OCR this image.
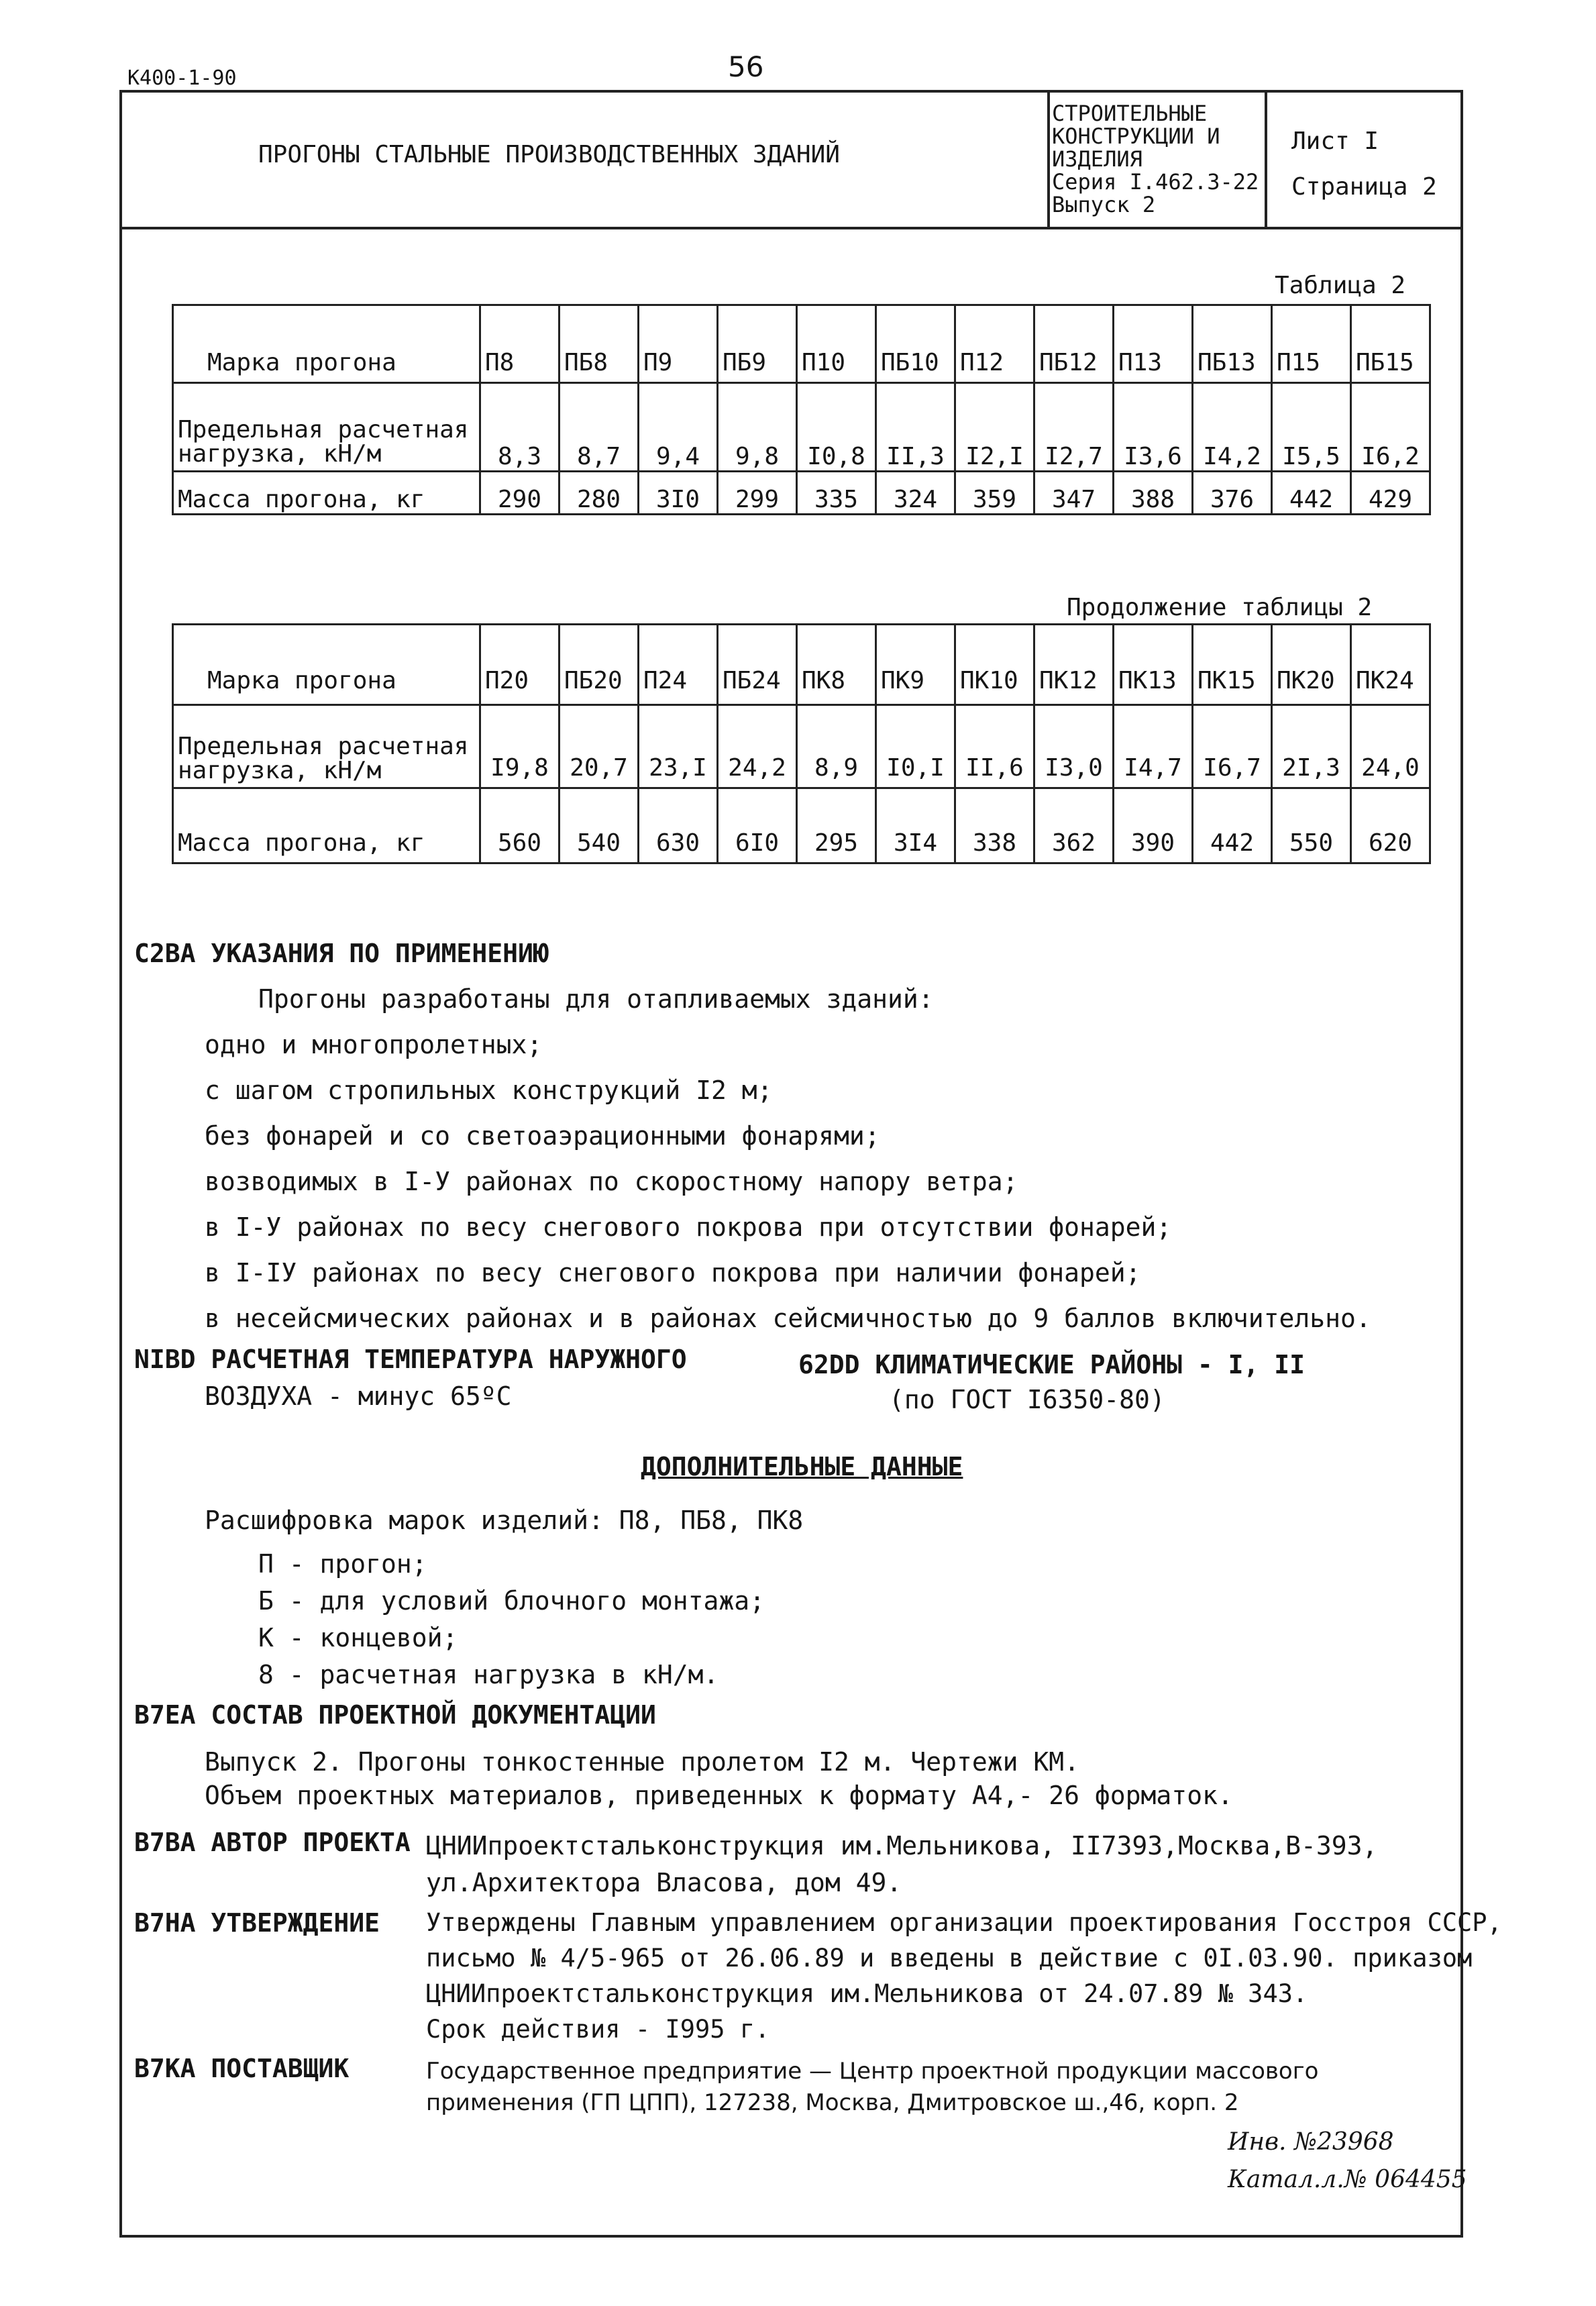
К400-1-90	56
ПРОГОНЫ СТАЛЬНЫЕ ПРОИЗВОДСТВЕННЫХ ЗДАНИЙ
СТРОИТЕЛЬНЫЕ
КОНСТРУКЦИИ И
ИЗДЕЛИЯ
Серия I.462.3-22
Выпуск 2
Лист I
Страница 2
Таблица 2
Марка прогона	П8	ПБ8	П9	ПБ9	П10	ПБ10	П12	ПБ12	П13	ПБ13	П15	ПБ15
Предельная расчетная нагрузка, кН/м	8,3	8,7	9,4	9,8	I0,8	II,3	I2,I	I2,7	I3,6	I4,2	I5,5	I6,2
Масса прогона, кг	290	280	3I0	299	335	324	359	347	388	376	442	429
Продолжение таблицы 2
Марка прогона	П20	ПБ20	П24	ПБ24	ПК8	ПК9	ПК10	ПК12	ПК13	ПК15	ПК20	ПК24
Предельная расчетная нагрузка, кН/м	I9,8	20,7	23,I	24,2	8,9	I0,I	II,6	I3,0	I4,7	I6,7	2I,3	24,0
Масса прогона, кг	560	540	630	6I0	295	3I4	338	362	390	442	550	620
С2ВА УКАЗАНИЯ ПО ПРИМЕНЕНИЮ
Прогоны разработаны для отапливаемых зданий:
одно и многопролетных;
с шагом стропильных конструкций I2 м;
без фонарей и со светоаэрационными фонарями;
возводимых в I-У районах по скоростному напору ветра;
в I-У районах по весу снегового покрова при отсутствии фонарей;
в I-IУ районах по весу снегового покрова при наличии фонарей;
в несейсмических районах и в районах сейсмичностью до 9 баллов включительно.
NIBD РАСЧЕТНАЯ ТЕМПЕРАТУРА НАРУЖНОГО
ВОЗДУХА - минус 65ºС
62DD КЛИМАТИЧЕСКИЕ РАЙОНЫ - I, II
(по ГОСТ I6350-80)
ДОПОЛНИТЕЛЬНЫЕ ДАННЫЕ
Расшифровка марок изделий: П8, ПБ8, ПК8
П - прогон;
Б - для условий блочного монтажа;
К - концевой;
8 - расчетная нагрузка в кН/м.
В7ЕА СОСТАВ ПРОЕКТНОЙ ДОКУМЕНТАЦИИ
Выпуск 2. Прогоны тонкостенные пролетом I2 м. Чертежи КМ.
Объем проектных материалов, приведенных к формату А4,- 26 форматок.
В7ВА АВТОР ПРОЕКТА ЦНИИпроектстальконструкция им.Мельникова, II7393,Москва,В-393,
ул.Архитектора Власова, дом 49.
В7НА УТВЕРЖДЕНИЕ Утверждены Главным управлением организации проектирования Госстроя СССР,
письмо № 4/5-965 от 26.06.89 и введены в действие с 0I.03.90. приказом
ЦНИИпроектстальконструкция им.Мельникова от 24.07.89 № 343.
Срок действия - I995 г.
В7КА ПОСТАВЩИК	Государственное предприятие — Центр проектной продукции массового
применения (ГП ЦПП), 127238, Москва, Дмитровское ш.,46, корп. 2
Инв. №23968
Катал.л.№ 064455
